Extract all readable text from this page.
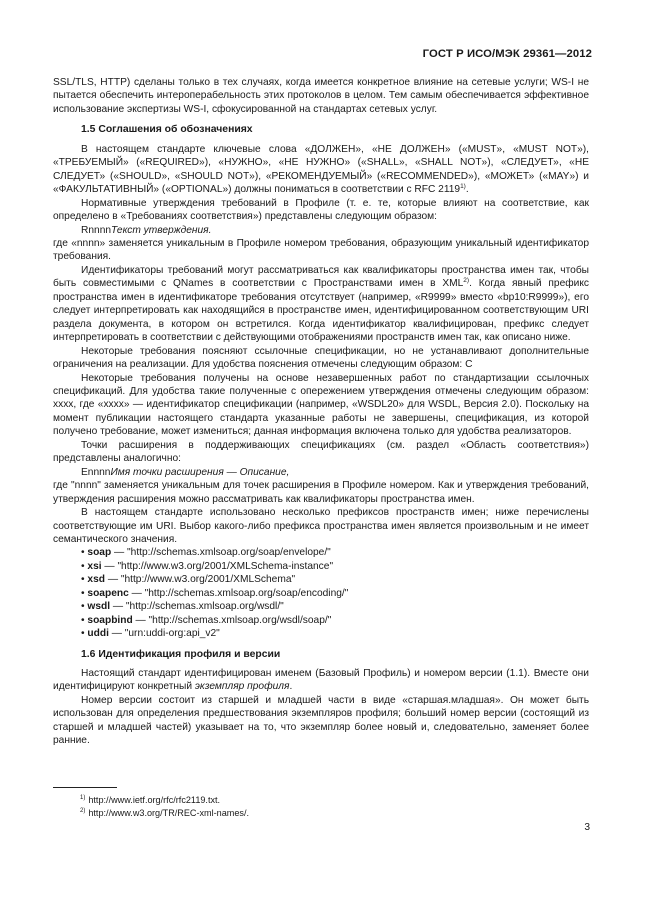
ГОСТ Р ИСО/МЭК 29361—2012

SSL/TLS, HTTP) сделаны только в тех случаях, когда имеется конкретное влияние на сетевые услуги; WS-I не пытается обеспечить интероперабельность этих протоколов в целом. Тем самым обеспечивается эффективное использование экспертизы WS-I, сфокусированной на стандартах сетевых услуг.

1.5 Соглашения об обозначениях

В настоящем стандарте ключевые слова «ДОЛЖЕН», «НЕ ДОЛЖЕН» («MUST», «MUST NOT»), «ТРЕБУЕМЫЙ» («REQUIRED»), «НУЖНО», «НЕ НУЖНО» («SHALL», «SHALL NOT»), «СЛЕДУЕТ», «НЕ СЛЕДУЕТ» («SHOULD», «SHOULD NOT»), «РЕКОМЕНДУЕМЫЙ» («RECOMMENDED»), «МОЖЕТ» («MAY») и «ФАКУЛЬТАТИВНЫЙ» («OPTIONAL») должны пониматься в соответствии с RFC 2119$^{1)}$.

Нормативные утверждения требований в Профиле (т. е. те, которые влияют на соответствие, как определено в «Требованиях соответствия») представлены следующим образом:

RnnnnТекст утверждения.

где «nnnn» заменяется уникальным в Профиле номером требования, образующим уникальный идентификатор требования.

Идентификаторы требований могут рассматриваться как квалификаторы пространства имен так, чтобы быть совместимыми с QNames в соответствии с Пространствами имен в XML$^{2)}$. Когда явный префикс пространства имен в идентификаторе требования отсутствует (например, «R9999» вместо «bp10:R9999»), его следует интерпретировать как находящийся в пространстве имен, идентифицированном соответствующим URI раздела документа, в котором он встретился. Когда идентификатор квалифицирован, префикс следует интерпретировать в соответствии с действующими отображениями пространств имен так, как описано ниже.

Некоторые требования поясняют ссылочные спецификации, но не устанавливают дополнительные ограничения на реализации. Для удобства пояснения отмечены следующим образом: С

Некоторые требования получены на основе незавершенных работ по стандартизации ссылочных спецификаций. Для удобства такие полученные с опережением утверждения отмечены следующим образом: xxxx, где «xxxx» — идентификатор спецификации (например, «WSDL20» для WSDL, Версия 2.0). Поскольку на момент публикации настоящего стандарта указанные работы не завершены, спецификация, из которой получено требование, может измениться; данная информация включена только для удобства реализаторов.

Точки расширения в поддерживающих спецификациях (см. раздел «Область соответствия») представлены аналогично:

EnnnnИмя точки расширения — Описание,

где "nnnn" заменяется уникальным для точек расширения в Профиле номером. Как и утверждения требований, утверждения расширения можно рассматривать как квалификаторы пространства имен.

В настоящем стандарте использовано несколько префиксов пространств имен; ниже перечислены соответствующие им URI. Выбор какого-либо префикса пространства имен является произвольным и не имеет семантического значения.

• soap — "http://schemas.xmlsoap.org/soap/envelope/"
• xsi — "http://www.w3.org/2001/XMLSchema-instance"
• xsd — "http://www.w3.org/2001/XMLSchema"
• soapenc — "http://schemas.xmlsoap.org/soap/encoding/"
• wsdl — "http://schemas.xmlsoap.org/wsdl/"
• soapbind — "http://schemas.xmlsoap.org/wsdl/soap/"
• uddi — "urn:uddi-org:api_v2"
1.6 Идентификация профиля и версии

Настоящий стандарт идентифицирован именем (Базовый Профиль) и номером версии (1.1). Вместе они идентифицируют конкретный экземпляр профиля.

Номер версии состоит из старшей и младшей части в виде «старшая.младшая». Он может быть использован для определения предшествования экземпляров профиля; больший номер версии (состоящий из старшей и младшей частей) указывает на то, что экземпляр более новый и, следовательно, заменяет более ранние.

$^{1)}$ http://www.ietf.org/rfc/rfc2119.txt.
$^{2)}$ http://www.w3.org/TR/REC-xml-names/.
3
